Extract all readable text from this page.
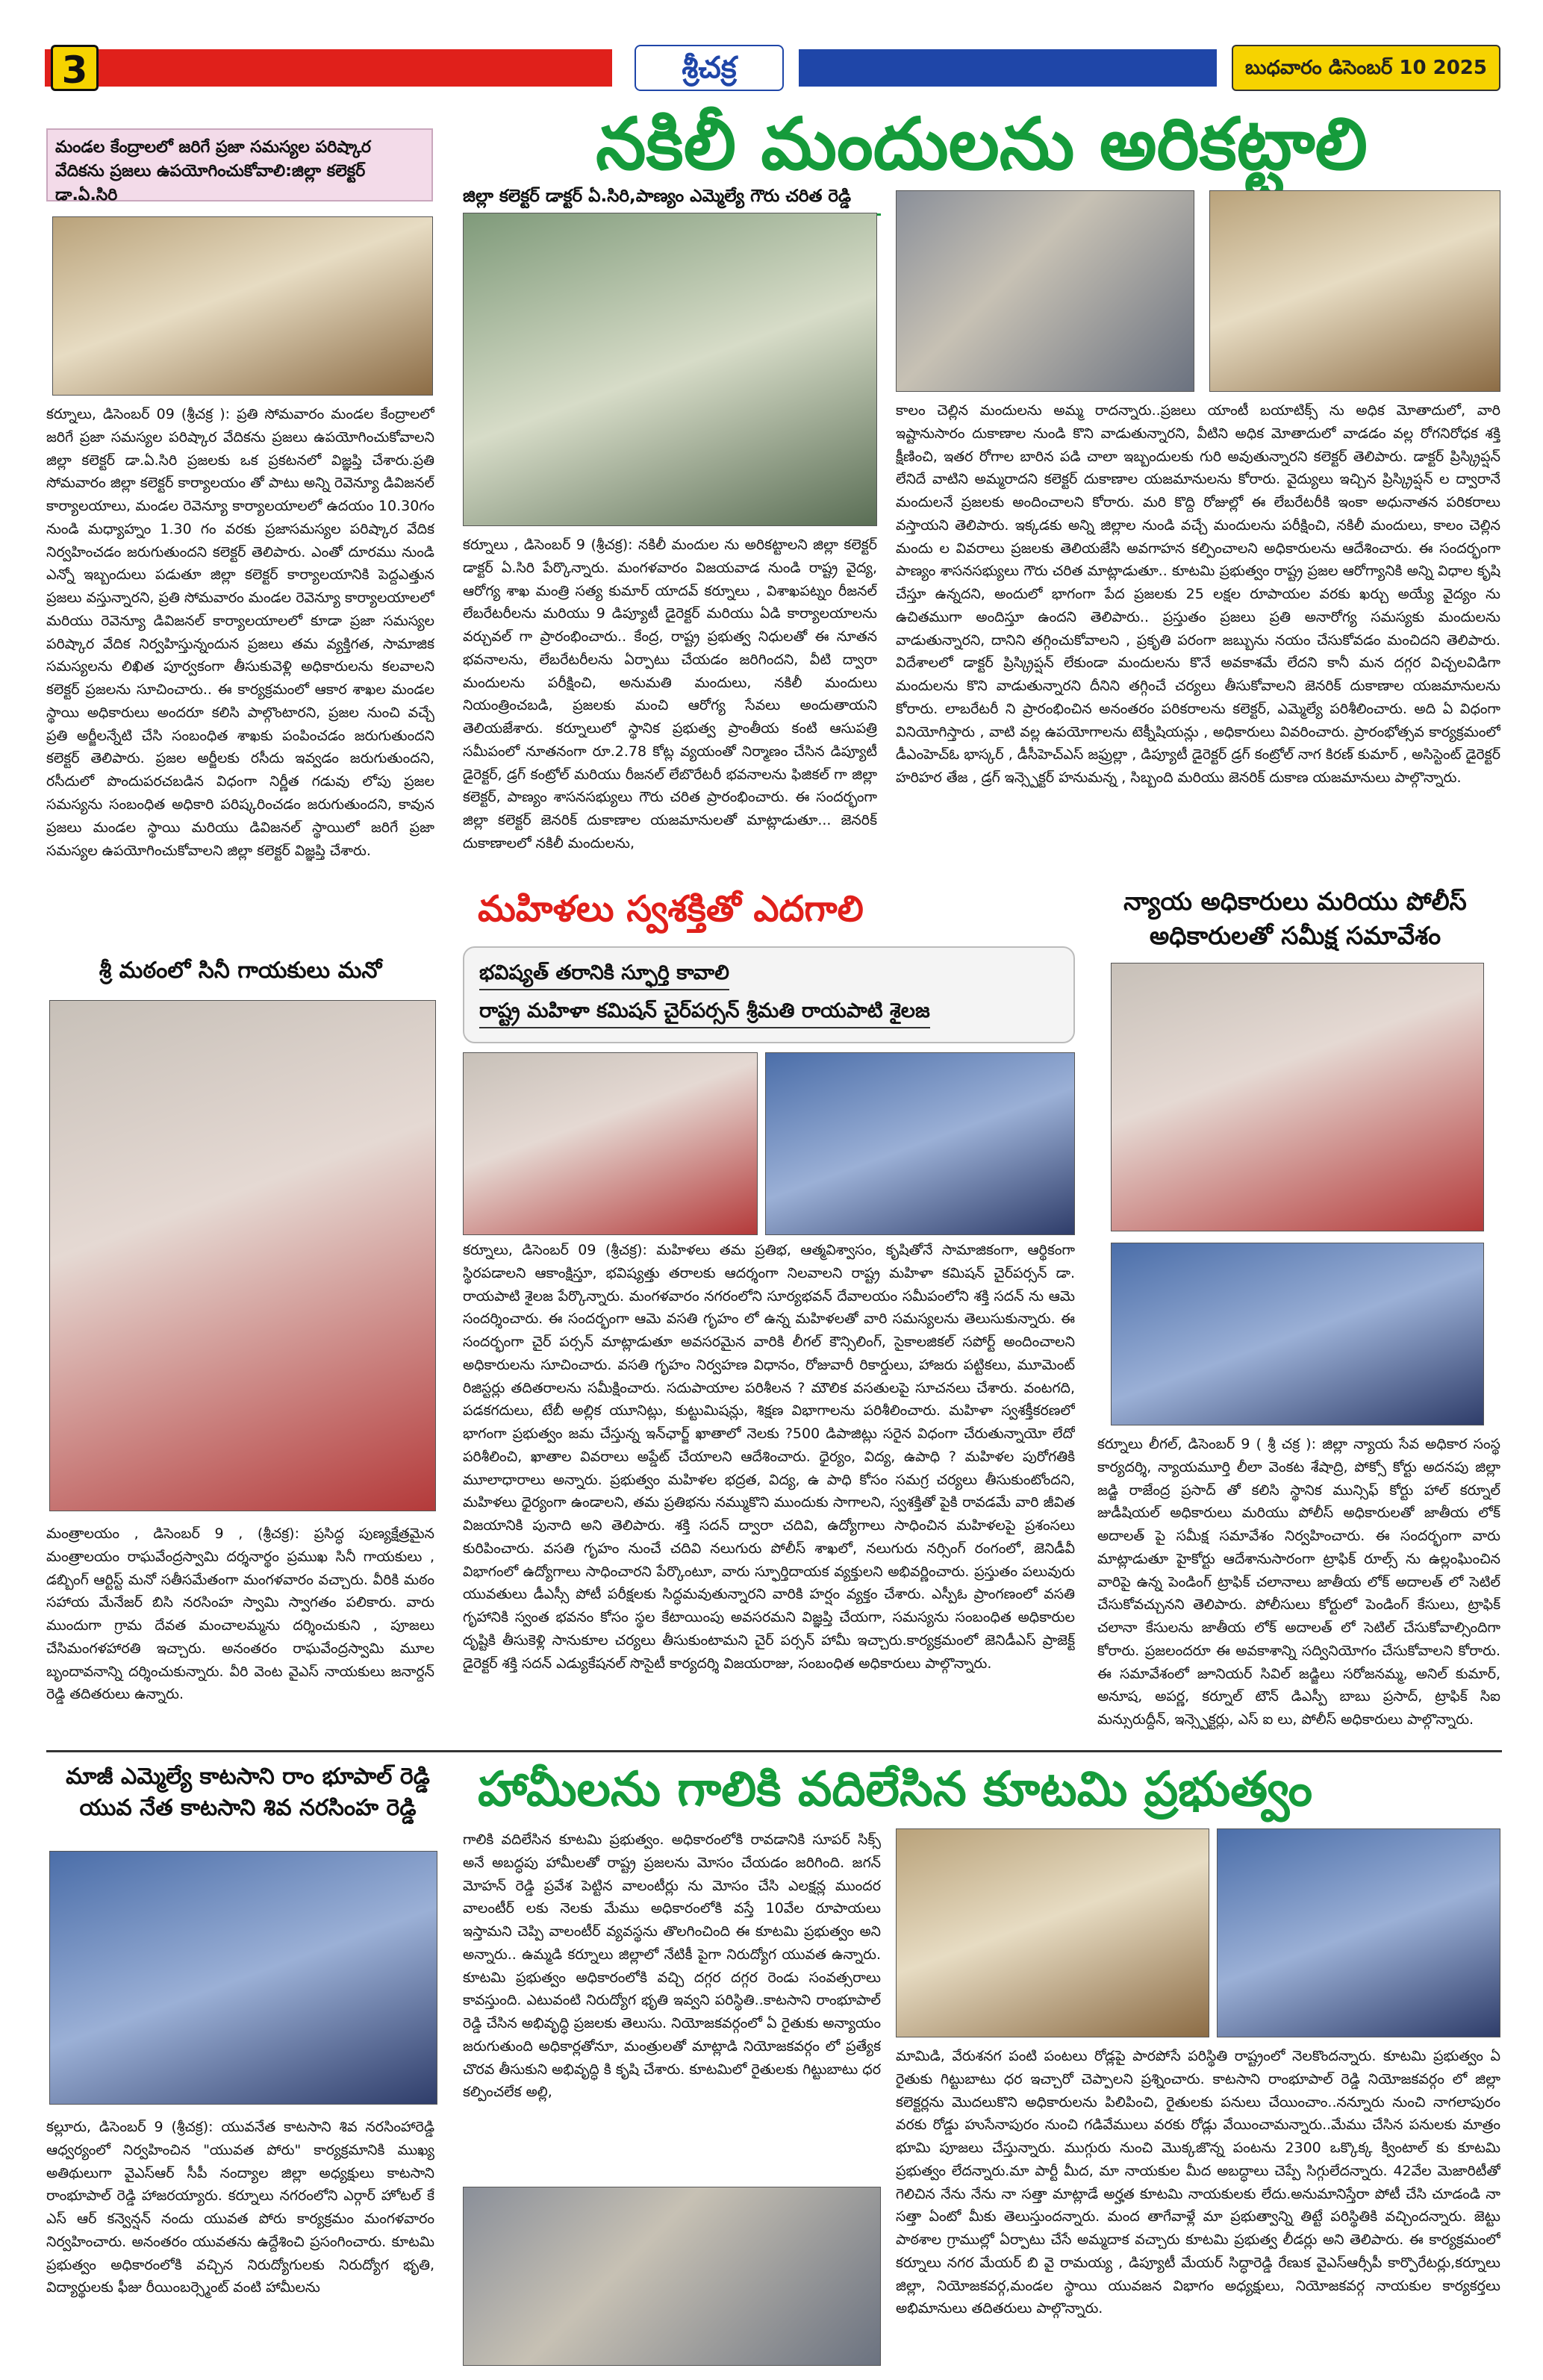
3	శ్రీచక్ర	బుధవారం డిసెంబర్ 10 2025
మండల కేంద్రాలలో జరిగే ప్రజా సమస్యల పరిష్కార వేదికను ప్రజలు ఉపయోగించుకోవాలి:జిల్లా కలెక్టర్ డా.ఏ.సిరి
కర్నూలు, డిసెంబర్ 09 (శ్రీచక్ర ): ప్రతి సోమవారం మండల కేంద్రాలలో జరిగే ప్రజా సమస్యల పరిష్కార వేదికను ప్రజలు ఉపయోగించుకోవాలని జిల్లా కలెక్టర్ డా.ఏ.సిరి ప్రజలకు ఒక ప్రకటనలో విజ్ఞప్తి చేశారు.ప్రతి సోమవారం జిల్లా కలెక్టర్ కార్యాలయం తో పాటు అన్ని రెవెన్యూ డివిజనల్ కార్యాలయాలు, మండల రెవెన్యూ కార్యాలయాలలో ఉదయం 10.30గం నుండి మధ్యాహ్నం 1.30 గం వరకు ప్రజాసమస్యల పరిష్కార వేదిక నిర్వహించడం జరుగుతుందని కలెక్టర్ తెలిపారు. ఎంతో దూరము నుండి ఎన్నో ఇబ్బందులు పడుతూ జిల్లా కలెక్టర్ కార్యాలయానికి పెద్దఎత్తున ప్రజలు వస్తున్నారని, ప్రతి సోమవారం మండల రెవెన్యూ కార్యాలయాలలో మరియు రెవెన్యూ డివిజనల్ కార్యాలయాలలో కూడా ప్రజా సమస్యల పరిష్కార వేదిక నిర్వహిస్తున్నందున ప్రజలు తమ వ్యక్తిగత, సామాజిక సమస్యలను లిఖిత పూర్వకంగా తీసుకువెళ్లి అధికారులను కలవాలని కలెక్టర్ ప్రజలను సూచించారు.. ఈ కార్యక్రమంలో ఆకార శాఖల మండల స్థాయి అధికారులు అందరూ కలిసి పాల్గొంటారని, ప్రజల నుంచి వచ్చే ప్రతి అర్జీలన్నేటి చేసి సంబంధిత శాఖకు పంపించడం జరుగుతుందని కలెక్టర్ తెలిపారు. ప్రజల అర్జీలకు రసీదు ఇవ్వడం జరుగుతుందని, రసీదులో పొందుపరచబడిన విధంగా నిర్ణీత గడువు లోపు ప్రజల సమస్యను సంబంధిత అధికారి పరిష్కరించడం జరుగుతుందని, కావున ప్రజలు మండల స్థాయి మరియు డివిజనల్ స్థాయిలో జరిగే ప్రజా సమస్యల ఉపయోగించుకోవాలని జిల్లా కలెక్టర్ విజ్ఞప్తి చేశారు.
శ్రీ మఠంలో సినీ గాయకులు మనో
మంత్రాలయం , డిసెంబర్ 9 , (శ్రీచక్ర): ప్రసిద్ధ పుణ్యక్షేత్రమైన మంత్రాలయం రాఘవేంద్రస్వామి దర్శనార్థం ప్రముఖ సినీ గాయకులు , డబ్బింగ్ ఆర్టిస్ట్ మనో సతీసమేతంగా మంగళవారం వచ్చారు. వీరికి మఠం సహాయ మేనేజర్ బిసి నరసింహ స్వామి స్వాగతం పలికారు. వారు ముందుగా గ్రామ దేవత మంచాలమ్మను దర్శించుకుని , పూజలు చేసిమంగళహారతి ఇచ్చారు. అనంతరం రాఘవేంద్రస్వామి మూల బృందావనాన్ని దర్శించుకున్నారు. వీరి వెంట వైఎస్ నాయకులు జనార్దన్ రెడ్డి తదితరులు ఉన్నారు.
మాజీ ఎమ్మెల్యే కాటసాని రాం భూపాల్ రెడ్డి యువ నేత కాటసాని శివ నరసింహ రెడ్డి
కల్లూరు, డిసెంబర్ 9 (శ్రీచక్ర): యువనేత కాటసాని శివ నరసింహారెడ్డి ఆధ్వర్యంలో నిర్వహించిన "యువత పోరు" కార్యక్రమానికి ముఖ్య అతిథులుగా వైఎస్ఆర్ సీపీ నంద్యాల జిల్లా అధ్యక్షులు కాటసాని రాంభూపాల్ రెడ్డి హాజరయ్యారు. కర్నూలు నగరంలోని ఎర్గార్ హోటల్ కే ఎస్ ఆర్ కన్వెన్షన్ నందు యువత పోరు కార్యక్రమం మంగళవారం నిర్వహించారు. అనంతరం యువతను ఉద్దేశించి ప్రసంగించారు. కూటమి ప్రభుత్వం అధికారంలోకి వచ్చిన నిరుద్యోగులకు నిరుద్యోగ భృతి, విద్యార్థులకు ఫీజు రీయింబర్స్మెంట్ వంటి హామీలను
నకిలీ మందులను అరికట్టాలి
జిల్లా కలెక్టర్ డాక్టర్ ఏ.సిరి,పాణ్యం ఎమ్మెల్యే గౌరు చరిత రెడ్డి
కర్నూలు , డిసెంబర్ 9 (శ్రీచక్ర): నకిలీ మందుల ను అరికట్టాలని జిల్లా కలెక్టర్ డాక్టర్ ఏ.సిరి పేర్కొన్నారు. మంగళవారం విజయవాడ నుండి రాష్ట్ర వైద్య, ఆరోగ్య శాఖ మంత్రి సత్య కుమార్ యాదవ్ కర్నూలు , విశాఖపట్నం రీజనల్ లేబరేటరీలను మరియు 9 డిప్యూటీ డైరెక్టర్ మరియు ఏడి కార్యాలయాలను వర్చువల్ గా ప్రారంభించారు.. కేంద్ర, రాష్ట్ర ప్రభుత్వ నిధులతో ఈ నూతన భవనాలను, లేబరేటరీలను ఏర్పాటు చేయడం జరిగిందని, వీటి ద్వారా మందులను పరీక్షించి, అనుమతి మందులు, నకిలీ మందులు నియంత్రించబడి, ప్రజలకు మంచి ఆరోగ్య సేవలు అందుతాయని తెలియజేశారు. కర్నూలులో స్థానిక ప్రభుత్వ ప్రాంతీయ కంటి ఆసుపత్రి సమీపంలో నూతనంగా రూ.2.78 కోట్ల వ్యయంతో నిర్మాణం చేసిన డిప్యూటీ డైరెక్టర్, డ్రగ్ కంట్రోల్ మరియు రీజనల్ లేబొరేటరీ భవనాలను ఫిజికల్ గా జిల్లా కలెక్టర్, పాణ్యం శాసనసభ్యులు గౌరు చరిత ప్రారంభించారు. ఈ సందర్భంగా జిల్లా కలెక్టర్ జెనరిక్ దుకాణాల యజమానులతో మాట్లాడుతూ... జెనరిక్ దుకాణాలలో నకిలీ మందులను,
కాలం చెల్లిన మందులను అమ్మ రాదన్నారు..ప్రజలు యాంటీ బయాటిక్స్ ను అధిక మోతాదులో, వారి ఇష్టానుసారం దుకాణాల నుండి కొని వాడుతున్నారని, వీటిని అధిక మోతాదులో వాడడం వల్ల రోగనిరోధక శక్తి క్షీణించి, ఇతర రోగాల బారిన పడి చాలా ఇబ్బందులకు గురి అవుతున్నారని కలెక్టర్ తెలిపారు. డాక్టర్ ప్రిస్క్రిప్షన్ లేనిదే వాటిని అమ్మరాదని కలెక్టర్ దుకాణాల యజమానులను కోరారు. వైద్యులు ఇచ్చిన ప్రిస్క్రిప్షన్ ల ద్వారానే మందులనే ప్రజలకు అందించాలని కోరారు. మరి కొద్ది రోజుల్లో ఈ లేబరేటరీకి ఇంకా అధునాతన పరికరాలు వస్తాయని తెలిపారు. ఇక్కడకు అన్ని జిల్లాల నుండి వచ్చే మందులను పరీక్షించి, నకిలీ మందులు, కాలం చెల్లిన మందు ల వివరాలు ప్రజలకు తెలియజేసి అవగాహన కల్పించాలని అధికారులను ఆదేశించారు. ఈ సందర్భంగా పాణ్యం శాసనసభ్యులు గౌరు చరిత మాట్లాడుతూ.. కూటమి ప్రభుత్వం రాష్ట్ర ప్రజల ఆరోగ్యానికి అన్ని విధాల కృషి చేస్తూ ఉన్నదని, అందులో భాగంగా పేద ప్రజలకు 25 లక్షల రూపాయల వరకు ఖర్చు అయ్యే వైద్యం ను ఉచితముగా అందిస్తూ ఉందని తెలిపారు.. ప్రస్తుతం ప్రజలు ప్రతి అనారోగ్య సమస్యకు మందులను వాడుతున్నారని, దానిని తగ్గించుకోవాలని , ప్రకృతి పరంగా జబ్బును నయం చేసుకోవడం మంచిదని తెలిపారు. విదేశాలలో డాక్టర్ ప్రిస్క్రిప్షన్ లేకుండా మందులను కొనే అవకాశమే లేదని కానీ మన దగ్గర విచ్చలవిడిగా మందులను కొని వాడుతున్నారని దీనిని తగ్గించే చర్యలు తీసుకోవాలని జెనరిక్ దుకాణాల యజమానులను కోరారు. లాబరేటరీ ని ప్రారంభించిన అనంతరం పరికరాలను కలెక్టర్, ఎమ్మెల్యే పరిశీలించారు. అది ఏ విధంగా వినియోగిస్తారు , వాటి వల్ల ఉపయోగాలను టెక్నీషియన్లు , అధికారులు వివరించారు. ప్రారంభోత్సవ కార్యక్రమంలో డీఎంహెచ్ఓ భాస్కర్ , డీసీహెచ్ఎస్ జఫ్రుల్లా , డిప్యూటీ డైరెక్టర్ డ్రగ్ కంట్రోల్ నాగ కిరణ్ కుమార్ , అసిస్టెంట్ డైరెక్టర్ హరిహర తేజ , డ్రగ్ ఇన్స్పెక్టర్ హనుమన్న , సిబ్బంది మరియు జెనరిక్ దుకాణ యజమానులు పాల్గొన్నారు.
మహిళలు స్వశక్తితో ఎదగాలి
భవిష్యత్ తరానికి స్ఫూర్తి కావాలి
రాష్ట్ర మహిళా కమిషన్ చైర్‌పర్సన్ శ్రీమతి రాయపాటి శైలజ
కర్నూలు, డిసెంబర్ 09 (శ్రీచక్ర): మహిళలు తమ ప్రతిభ, ఆత్మవిశ్వాసం, కృషితోనే సామాజికంగా, ఆర్థికంగా స్థిరపడాలని ఆకాంక్షిస్తూ, భవిష్యత్తు తరాలకు ఆదర్శంగా నిలవాలని రాష్ట్ర మహిళా కమిషన్ చైర్‌పర్సన్ డా. రాయపాటి శైలజ పేర్కొన్నారు. మంగళవారం నగరంలోని సూర్యభవన్ దేవాలయం సమీపంలోని శక్తి సదన్ ను ఆమె సందర్శించారు. ఈ సందర్భంగా ఆమె వసతి గృహం లో ఉన్న మహిళలతో వారి సమస్యలను తెలుసుకున్నారు. ఈ సందర్భంగా చైర్ పర్సన్ మాట్లాడుతూ అవసరమైన వారికి లీగల్ కౌన్సిలింగ్, సైకాలజికల్ సపోర్ట్ అందించాలని అధికారులను సూచించారు. వసతి గృహం నిర్వహణ విధానం, రోజువారీ రికార్డులు, హాజరు పట్టికలు, మూమెంట్ రిజిస్టర్లు తదితరాలను సమీక్షించారు. సదుపాయాల పరిశీలన ? మౌలిక వసతులపై సూచనలు చేశారు. వంటగది, పడకగదులు, టేబీ అల్లిక యూనిట్లు, కుట్టుమిషన్లు, శిక్షణ విభాగాలను పరిశీలించారు. మహిళా స్వశక్తీకరణలో భాగంగా ప్రభుత్వం జమ చేస్తున్న ఇన్‌ఛార్జ్ ఖాతాలో నెలకు ?500 డిపాజిట్లు సరైన విధంగా చేరుతున్నాయో లేదో పరిశీలించి, ఖాతాల వివరాలు అప్డేట్ చేయాలని ఆదేశించారు. ధైర్యం, విద్య, ఉపాధి ? మహిళల పురోగతికి మూలాధారాలు అన్నారు. ప్రభుత్వం మహిళల భద్రత, విద్య, ఉ పాధి కోసం సమగ్ర చర్యలు తీసుకుంటోందని, మహిళలు ధైర్యంగా ఉండాలని, తమ ప్రతిభను నమ్ముకొని ముందుకు సాగాలని, స్వశక్తితో పైకి రావడమే వారి జీవిత విజయానికి పునాది అని తెలిపారు. శక్తి సదన్ ద్వారా చదివి, ఉద్యోగాలు సాధించిన మహిళలపై ప్రశంసలు కురిపించారు. వసతి గృహం నుంచే చదివి నలుగురు పోలీస్ శాఖలో, నలుగురు నర్సింగ్ రంగంలో, జెనిడీవీ విభాగంలో ఉద్యోగాలు సాధించారని పేర్కొంటూ, వారు స్ఫూర్తిదాయక వ్యక్తులని అభివర్ణించారు. ప్రస్తుతం పలువురు యువతులు డీఎస్సీ పోటీ పరీక్షలకు సిద్ధమవుతున్నారని వారికి హర్షం వ్యక్తం చేశారు. ఎస్పీఓ ప్రాంగణంలో వసతి గృహానికి స్వంత భవనం కోసం స్థల కేటాయింపు అవసరమని విజ్ఞప్తి చేయగా, సమస్యను సంబంధిత అధికారుల దృష్టికి తీసుకెళ్లి సానుకూల చర్యలు తీసుకుంటామని చైర్ పర్సన్ హామీ ఇచ్చారు.కార్యక్రమంలో జెనిడీఎస్ ప్రాజెక్ట్ డైరెక్టర్ శక్తి సదన్ ఎడ్యుకేషనల్ సొసైటీ కార్యదర్శి విజయరాజు, సంబంధిత అధికారులు పాల్గొన్నారు.
న్యాయ అధికారులు మరియు పోలీస్ అధికారులతో సమీక్ష సమావేశం
కర్నూలు లీగల్, డిసెంబర్ 9 ( శ్రీ చక్ర ): జిల్లా న్యాయ సేవ అధికార సంస్థ కార్యదర్శి, న్యాయమూర్తి లీలా వెంకట శేషాద్రి, పోక్సో కోర్టు అదనపు జిల్లా జడ్జి రాజేంద్ర ప్రసాద్ తో కలిసి స్థానిక మున్సిఫ్ కోర్టు హాల్ కర్నూల్ జుడీషియల్ అధికారులు మరియు పోలీస్ అధికారులతో జాతీయ లోక్ అదాలత్ పై సమీక్ష సమావేశం నిర్వహించారు. ఈ సందర్భంగా వారు మాట్లాడుతూ హైకోర్టు ఆదేశానుసారంగా ట్రాఫిక్ రూల్స్ ను ఉల్లంఘించిన వారిపై ఉన్న పెండింగ్ ట్రాఫిక్ చలానాలు జాతీయ లోక్ అదాలత్ లో సెటిల్ చేసుకోవచ్చునని తెలిపారు. పోలీసులు కోర్టులో పెండింగ్ కేసులు, ట్రాఫిక్ చలానా కేసులను జాతీయ లోక్ అదాలత్ లో సెటిల్ చేసుకోవాల్సిందిగా కోరారు. ప్రజలందరూ ఈ అవకాశాన్ని సద్వినియోగం చేసుకోవాలని కోరారు. ఈ సమావేశంలో జూనియర్ సివిల్ జడ్జిలు సరోజనమ్మ, అనిల్ కుమార్, అనూష, అపర్ణ, కర్నూల్ టౌన్ డిఎస్పీ బాబు ప్రసాద్, ట్రాఫిక్ సిఐ మన్సురుద్దీన్, ఇన్స్పెక్టర్లు, ఎస్ ఐ లు, పోలీస్ అధికారులు పాల్గొన్నారు.
హామీలను గాలికి వదిలేసిన కూటమి ప్రభుత్వం
గాలికి వదిలేసిన కూటమి ప్రభుత్వం. అధికారంలోకి రావడానికి సూపర్ సిక్స్ అనే అబద్ధపు హామీలతో రాష్ట్ర ప్రజలను మోసం చేయడం జరిగింది. జగన్ మోహన్ రెడ్డి ప్రవేశ పెట్టిన వాలంటీర్లు ను మోసం చేసి ఎలక్షన్ల ముందర వాలంటీర్ లకు నెలకు మేము అధికారంలోకి వస్తే 10వేల రూపాయలు ఇస్తామని చెప్పి వాలంటీర్ వ్యవస్థను తొలగించింది ఈ కూటమి ప్రభుత్వం అని అన్నారు.. ఉమ్మడి కర్నూలు జిల్లాలో నేటికీ పైగా నిరుద్యోగ యువత ఉన్నారు. కూటమి ప్రభుత్వం అధికారంలోకి వచ్చి దగ్గర దగ్గర రెండు సంవత్సరాలు కావస్తుంది. ఎటువంటి నిరుద్యోగ భృతి ఇవ్వని పరిస్థితి..కాటసాని రాంభూపాల్ రెడ్డి చేసిన అభివృద్ధి ప్రజలకు తెలుసు. నియోజకవర్గంలో ఏ రైతుకు అన్యాయం జరుగుతుంది అధికార్లతోనూ, మంత్రులతో మాట్లాడి నియోజకవర్గం లో ప్రత్యేక చొరవ తీసుకుని అభివృద్ధి కి కృషి చేశారు. కూటమిలో రైతులకు గిట్టుబాటు ధర కల్పించలేక అల్లి,
మామిడి, వేరుశనగ పంటి పంటలు రోడ్లపై పారపోసే పరిస్థితి రాష్ట్రంలో నెలకొందన్నారు. కూటమి ప్రభుత్వం ఏ రైతుకు గిట్టుబాటు ధర ఇచ్చారో చెప్పాలని ప్రశ్నించారు. కాటసాని రాంభూపాల్ రెడ్డి నియోజకవర్గం లో జిల్లా కలెక్టర్లను మొదలుకొని అధికారులను పిలిపించి, రైతులకు పనులు చేయించాం..నన్నూరు నుంచి నాగలాపురం వరకు రోడ్డు హుసేనాపురం నుంచి గడివేములు వరకు రోడ్లు వేయించామన్నారు..మేము చేసిన పనులకు మాత్రం భూమి పూజలు చేస్తున్నారు. ముగ్గురు నుంచి మొక్కజొన్న పంటను 2300 ఒక్కొక్క క్వింటాల్ కు కూటమి ప్రభుత్వం లేదన్నారు.మా పార్టీ మీద, మా నాయకుల మీద అబద్ధాలు చెప్పే సిగ్గులేదన్నారు. 42వేల మెజారిటీతో గెలిచిన నేను నేను నా సత్తా మాట్లాడే అర్హత కూటమి నాయకులకు లేదు.అనుమానిస్తేరా పోటీ చేసి చూడండి నా సత్తా ఏంటో మీకు తెలుస్తుందన్నారు. మంద తాగేవాళ్లే మా ప్రభుత్వాన్ని తిట్టే పరిస్థితికి వచ్చిందన్నారు. జెట్టు పాఠశాల గ్రాముల్లో ఏర్పాటు చేసే అమ్మదాక వచ్చారు కూటమి ప్రభుత్వ లీడర్లు అని తెలిపారు. ఈ కార్యక్రమంలో కర్నూలు నగర మేయర్ బి వై రామయ్య , డిప్యూటీ మేయర్ సిద్ధారెడ్డి రేణుక వైఎస్ఆర్సీపీ కార్పొరేటర్లు,కర్నూలు జిల్లా, నియోజకవర్గ,మండల స్థాయి యువజన విభాగం అధ్యక్షులు, నియోజకవర్గ నాయకుల కార్యకర్తలు అభిమానులు తదితరులు పాల్గొన్నారు.
